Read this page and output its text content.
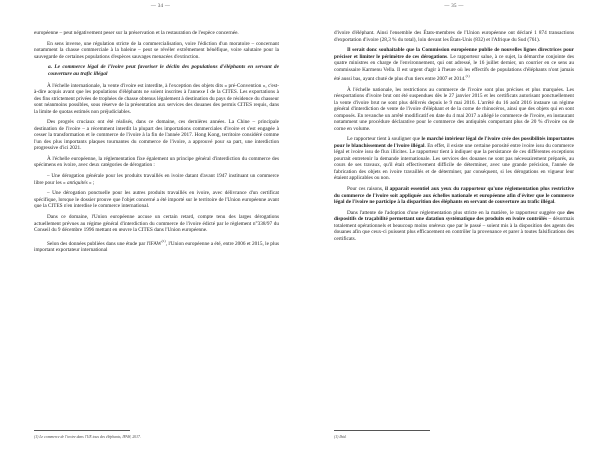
— 34 —

européenne – peut négativement peser sur la préservation et la restauration de l'espèce concernée.

En sens inverse, une régulation stricte de la commercialisation, voire l'édiction d'un moratoire – concernant notamment la chasse commerciale à la baleine – peut se révéler extrêmement bénéfique, voire salutaire pour la sauvegarde de certaines populations d'espèces sauvages menacées d'extinction.

a. Le commerce légal de l'ivoire peut favoriser le déclin des populations d'éléphants en servant de couverture au trafic illégal

À l'échelle internationale, la vente d'ivoire est interdite, à l'exception des objets dits « pré-Convention », c'est-à-dire acquis avant que les populations d'éléphants ne soient inscrites à l'annexe I de la CITES. Les exportations à des fins strictement privées de trophées de chasse obtenus légalement à destination du pays de résidence du chasseur sont néanmoins possibles, sous réserve de la présentation aux services des douanes des permis CITES requis, dans la limite de quotas estimés non préjudiciables.

Des progrès cruciaux ont été réalisés, dans ce domaine, ces dernières années. La Chine – principale destination de l'ivoire – a récemment interdit la plupart des importations commerciales d'ivoire et s'est engagée à cesser la transformation et le commerce de l'ivoire à la fin de l'année 2017. Hong Kong, territoire considéré comme l'un des plus importants plaques tournantes du commerce de l'ivoire, a approuvé pour sa part, une interdiction progressive d'ici 2021.

À l'échelle européenne, la réglementation fixe également un principe général d'interdiction du commerce des spécimens en ivoire, avec deux catégories de dérogation :

– Une dérogation générale pour les produits travaillés en ivoire datant d'avant 1947 instituant un commerce libre pour les « antiquités » ;

– Une dérogation ponctuelle pour les autres produits travaillés en ivoire, avec délivrance d'un certificat spécifique, lorsque le dossier prouve que l'objet concerné a été importé sur le territoire de l'Union européenne avant que la CITES n'en interdise le commerce international.

Dans ce domaine, l'Union européenne accuse un certain retard, compte tenu des larges dérogations actuellement prévues au régime général d'interdiction du commerce de l'ivoire édicté par le règlement n°338/97 du Conseil du 9 décembre 1996 mettant en œuvre la CITES dans l'Union européenne.

Selon des données publiées dans une étude par l'IFAW$^{(1)}$, l'Union européenne a été, entre 2006 et 2015, le plus important exportateur international

(1) Le commerce de l'ivoire dans l'UE tous des éléphants, IFAW, 2017.
— 35 —

d'ivoire d'éléphant. Ainsi l'ensemble des États-membres de l'Union européenne ont déclaré 1 874 transactions d'exportation d'ivoire (28,3 % du total), loin devant les États-Unis (832) et l'Afrique du Sud (761).

Il serait donc souhaitable que la Commission européenne publie de nouvelles lignes directrices pour préciser et limiter le périmètre de ces dérogations. Le rapporteur salue, à ce sujet, la démarche conjointe des quatre ministres en charge de l'environnement, qui ont adressé, le 16 juillet dernier, un courrier en ce sens au commissaire Karmenu Vella. Il est urgent d'agir à l'heure où les effectifs de populations d'éléphants n'ont jamais été aussi bas, ayant chuté de plus d'un tiers entre 2007 et 2014.$^{(1)}$

À l'échelle nationale, les restrictions au commerce de l'ivoire sont plus précises et plus marquées. Les réexportations d'ivoire brut ont été suspendues dès le 27 janvier 2015 et les certificats autorisant ponctuellement la vente d'ivoire brut ne sont plus délivrés depuis le 9 mai 2016. L'arrêté du 16 août 2016 instaure un régime général d'interdiction de vente de l'ivoire d'éléphant et de la corne de rhinocéros, ainsi que des objets qui en sont composés. En revanche un arrêté modificatif en date du 4 mai 2017 a allégé le commerce de l'ivoire, en instaurant notamment une procédure déclarative pour le commerce des antiquités comportant plus de 20 % d'ivoire ou de corne en volume.

Le rapporteur tient à souligner que le marché intérieur légal de l'ivoire crée des possibilités importantes pour le blanchissement de l'ivoire illégal. En effet, il existe une certaine porosité entre ivoire issu du commerce légal et ivoire issu de flux illicites. Le rapporteur tient à indiquer que la persistance de ces différentes exceptions pourrait entretenir la demande internationale. Les services des douanes ne sont pas nécessairement préparés, au cours de ses travaux, qu'il était effectivement difficile de déterminer, avec une grande précision, l'année de fabrication des objets en ivoire travaillés et de déterminer, par conséquent, si les dérogations en vigueur leur étaient applicables ou non.

Pour ces raisons, il apparaît essentiel aux yeux du rapporteur qu'une réglementation plus restrictive du commerce de l'ivoire soit appliquée aux échelles nationale et européenne afin d'éviter que le commerce légal de l'ivoire ne participe à la disparition des éléphants en servant de couverture au trafic illégal.

Dans l'attente de l'adoption d'une réglementation plus stricte en la matière, le rapporteur suggère que des dispositifs de traçabilité permettant une datation systématique des produits en ivoire contrôlés – désormais totalement opérationnels et beaucoup moins onéreux que par le passé – soient mis à la disposition des agents des douanes afin que ceux-ci puissent plus efficacement en contrôler la provenance et parer à toutes falsifications des certificats.

(1) Ibid.
